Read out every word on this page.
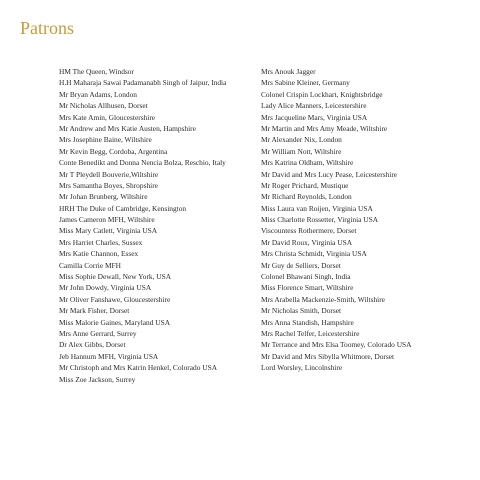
Patrons
HM The Queen, Windsor
H.H Maharaja Sawai Padamanabh Singh of Jaipur, India
Mr Bryan Adams, London
Mr Nicholas Allhusen, Dorset
Mrs Kate Amin, Gloucestershire
Mr Andrew and Mrs Katie Austen, Hampshire
Mrs Josephine Baine, Wiltshire
Mr Kevin Begg, Cordoba, Argentina
Conte Benedikt and Donna Nencia Bolza, Reschio, Italy
Mr T Pleydell Bouverie,Wiltshire
Mrs Samantha Boyes, Shropshire
Mr Johan Brunberg, Wiltshire
HRH The Duke of Cambridge, Kensington
James Cameron MFH, Wiltshire
Miss Mary Catlett, Virginia USA
Mrs Harriet Charles, Sussex
Mrs Katie Channon, Essex
Camilla Corrie MFH
Miss Sophie Dewall, New York, USA
Mr John Dowdy, Virginia USA
Mr Oliver Fanshawe, Gloucestershire
Mr Mark Fisher, Dorset
Miss Malorie Gaines, Maryland USA
Mrs Anne Gerrard, Surrey
Dr Alex Gibbs, Dorset
Jeb Hannum MFH, Virginia USA
Mr Christoph and Mrs Katrin Henkel, Colorado USA
Miss Zoe Jackson, Surrey
Mrs Anouk Jagger
Mrs Sabine Kleiner, Germany
Colonel Crispin Lockhart, Knightsbridge
Lady Alice Manners, Leicestershire
Mrs Jacqueline Mars, Virginia USA
Mr Martin and Mrs Amy Meade, Wiltshire
Mr Alexander Nix, London
Mr William Nott, Wiltshire
Mrs Katrina Oldham, Wiltshire
Mr David and Mrs Lucy Pease, Leicestershire
Mr Roger Prichard, Mustique
Mr Richard Reynolds, London
Miss Laura van Roijen, Virginia USA
Miss Charlotte Rossetter, Virginia USA
Viscountess Rothermere, Dorset
Mr David Roux, Virginia USA
Mrs Christa Schmidt, Virginia USA
Mr Guy de Selliers, Dorset
Colonel Bhawani Singh, India
Miss Florence Smart, Wiltshire
Mrs Arabella Mackenzie-Smith, Wiltshire
Mr Nicholas Smith, Dorset
Mrs Anna Standish, Hampshire
Mrs Rachel Telfer, Leicestershire
Mr Terrance and Mrs Elsa Toomey, Colorado USA
Mr David and Mrs Sibylla Whitmore, Dorset
Lord Worsley, Lincolnshire
